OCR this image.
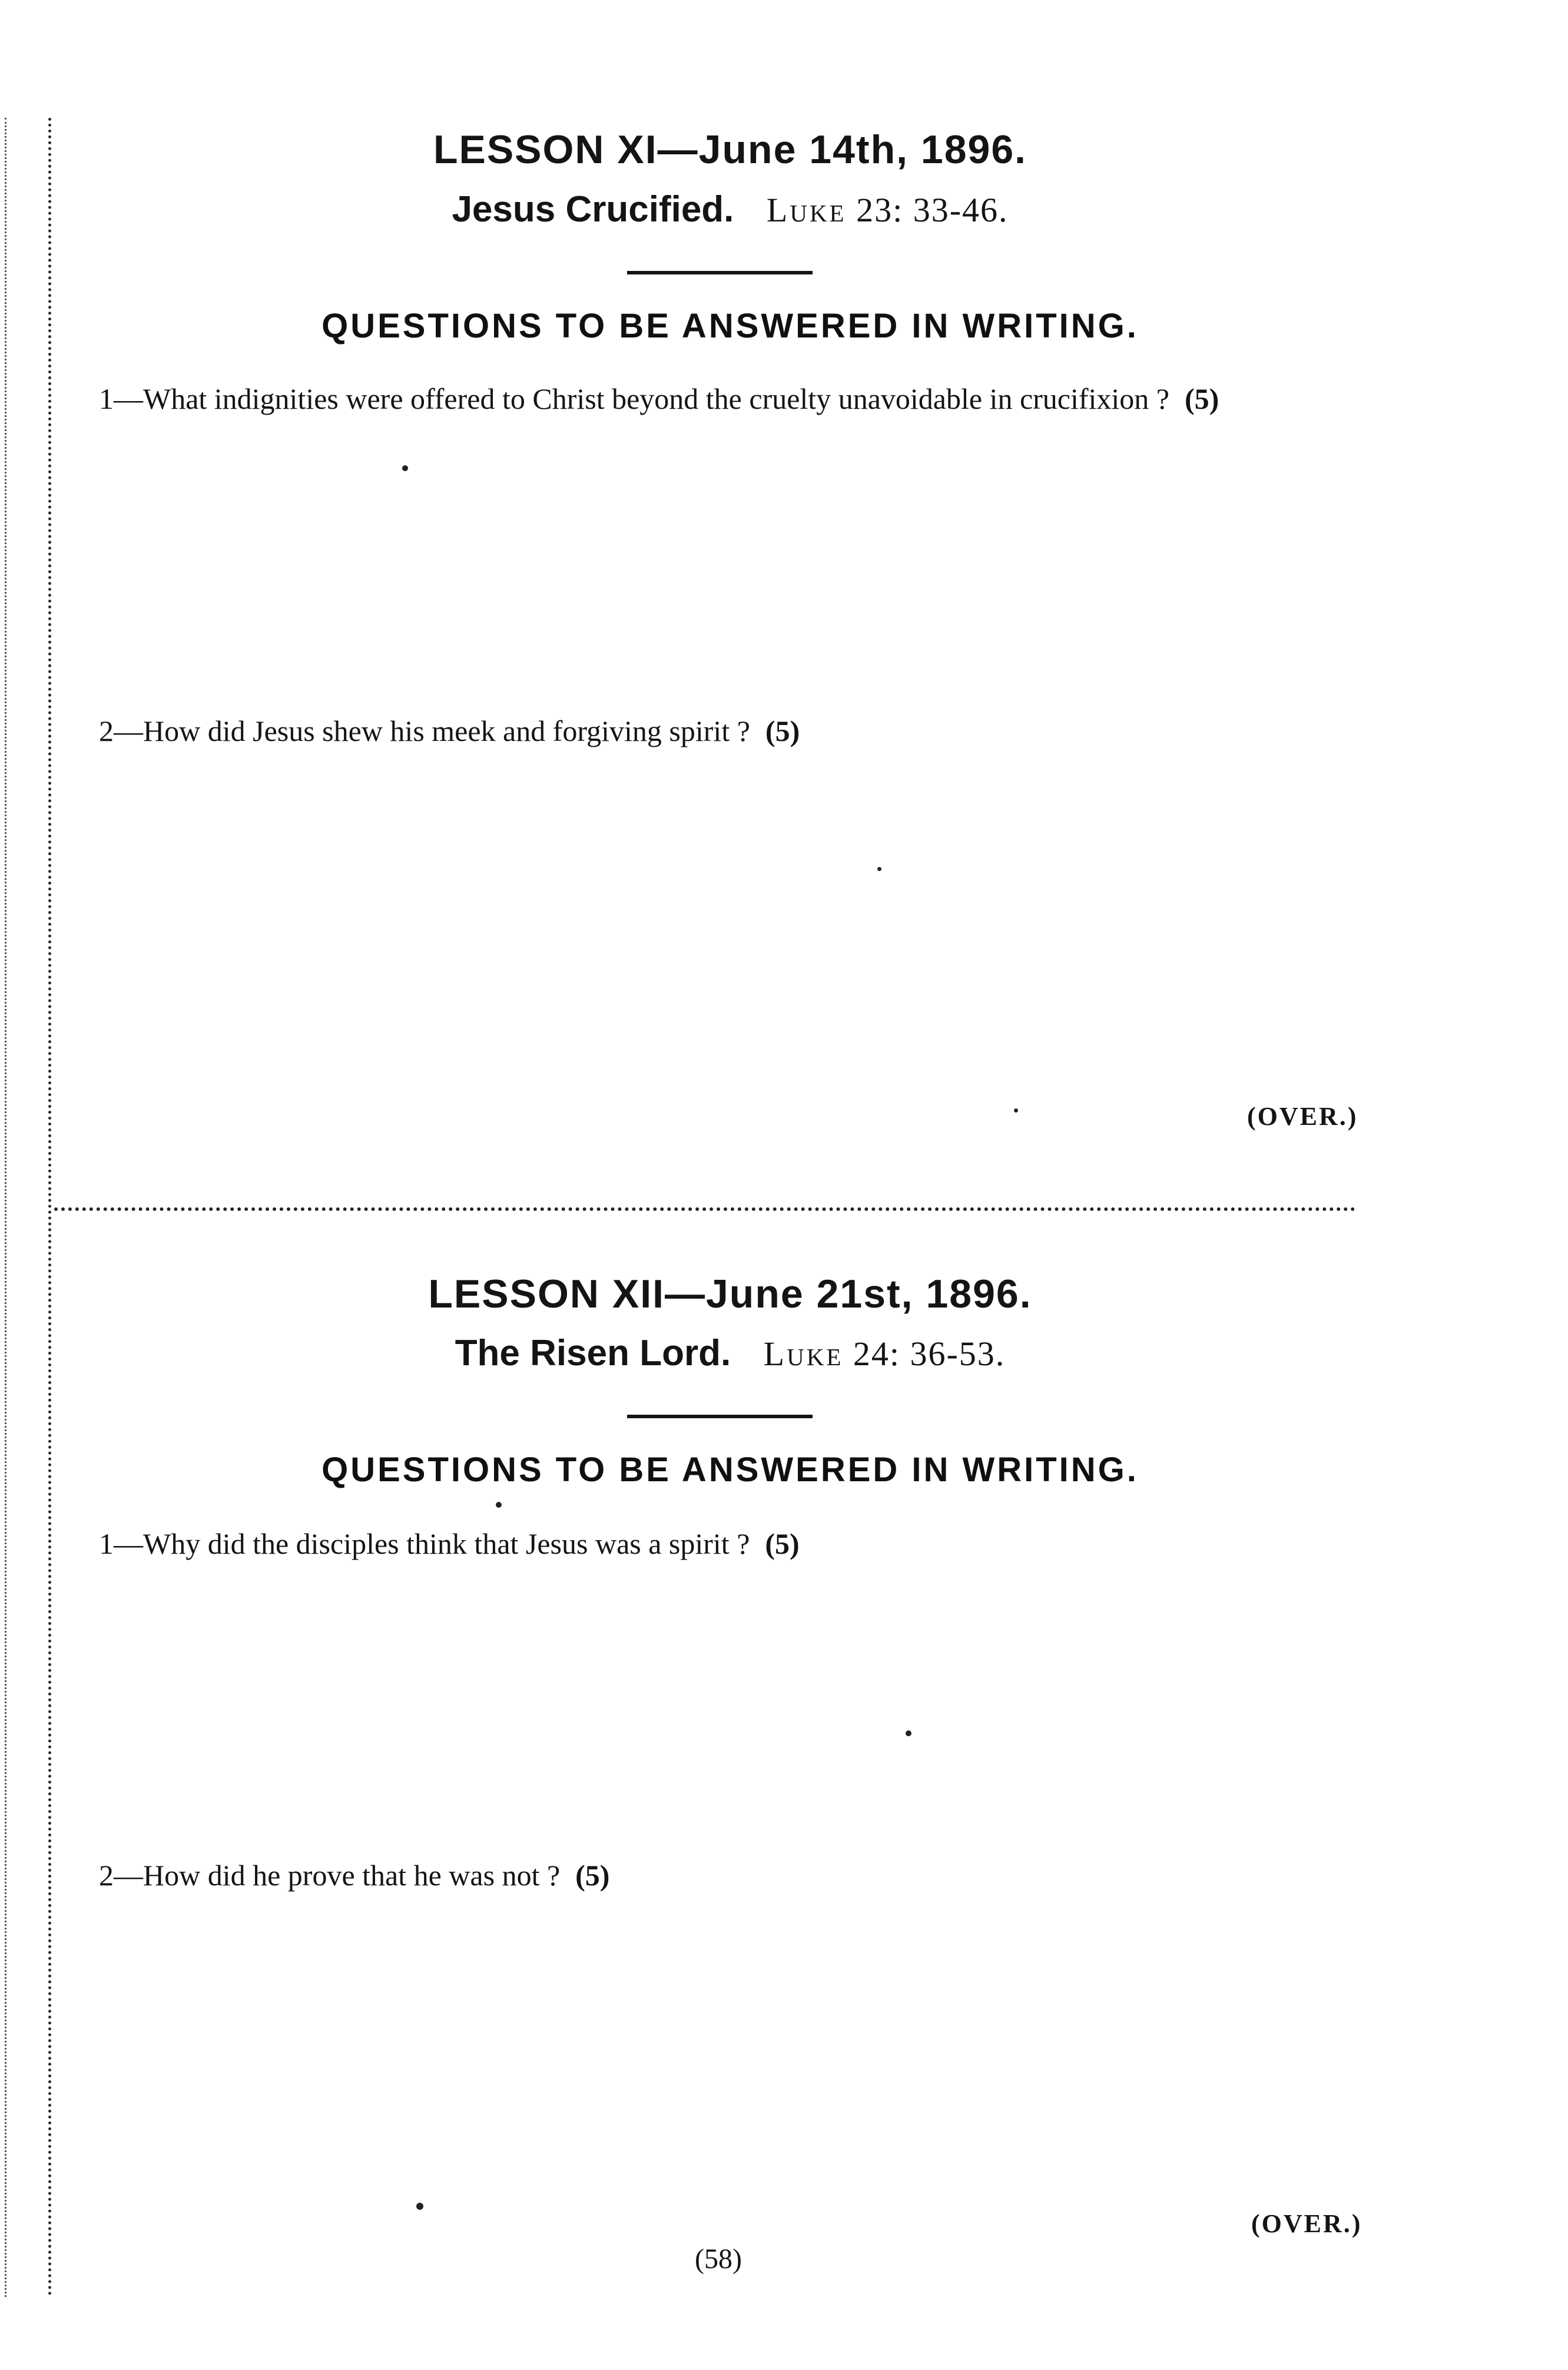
LESSON XI—June 14th, 1896.
Jesus Crucified. Luke 23: 33-46.
QUESTIONS TO BE ANSWERED IN WRITING.
1—What indignities were offered to Christ beyond the cruelty unavoidable in crucifixion ? (5)
2—How did Jesus shew his meek and forgiving spirit ? (5)
(OVER.)
LESSON XII—June 21st, 1896.
The Risen Lord. Luke 24: 36-53.
QUESTIONS TO BE ANSWERED IN WRITING.
1—Why did the disciples think that Jesus was a spirit ? (5)
2—How did he prove that he was not ? (5)
(OVER.)
(58)
